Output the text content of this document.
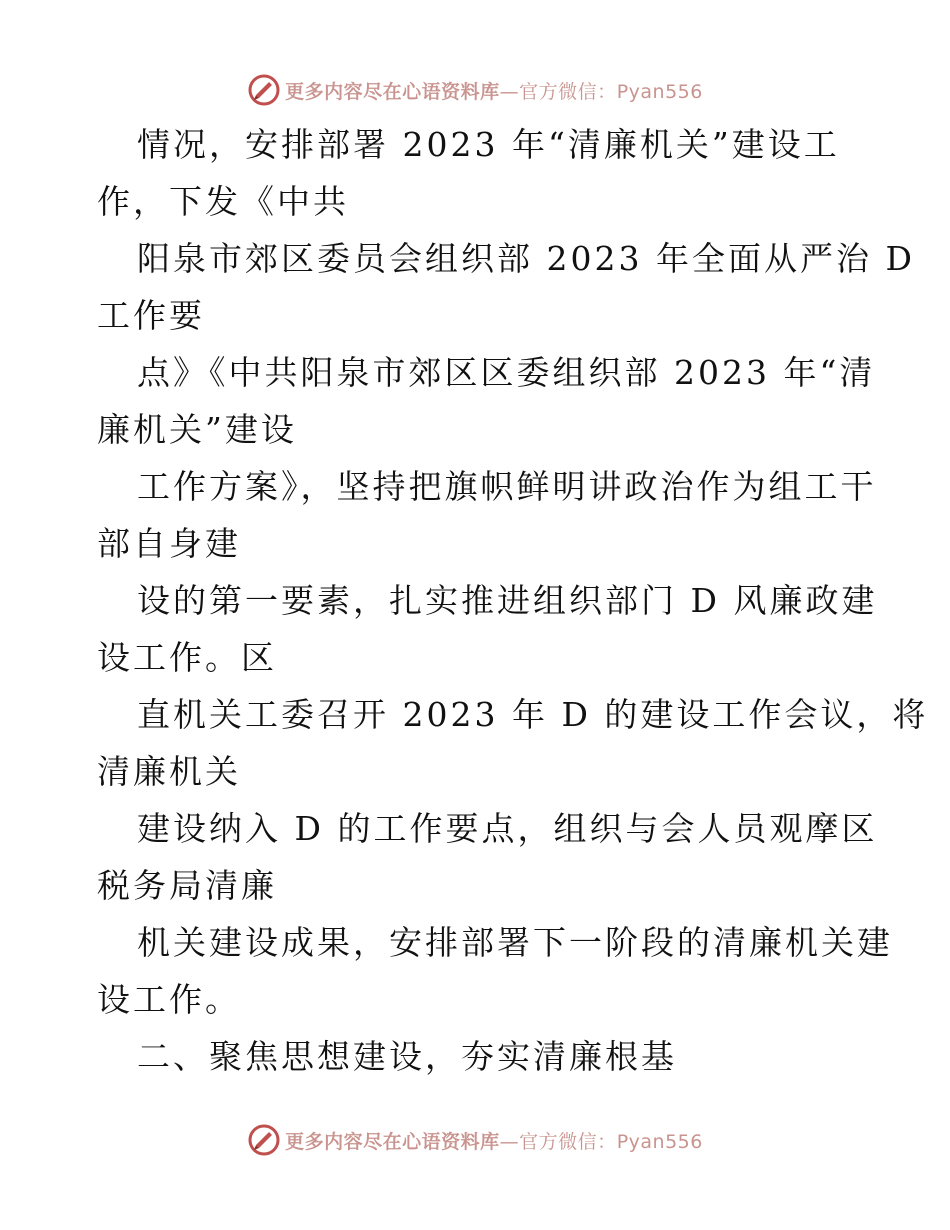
更多内容尽在心语资料库—官方微信：Pyan556

情况，安排部署 2023 年“清廉机关”建设工
作，下发《中共

阳泉市郊区委员会组织部 2023 年全面从严治 D
工作要

点》《中共阳泉市郊区区委组织部 2023 年“清
廉机关”建设

工作方案》，坚持把旗帜鲜明讲政治作为组工干
部自身建

设的第一要素，扎实推进组织部门 D 风廉政建
设工作。区

直机关工委召开 2023 年 D 的建设工作会议，将
清廉机关

建设纳入 D 的工作要点，组织与会人员观摩区
税务局清廉

机关建设成果，安排部署下一阶段的清廉机关建
设工作。

二、聚焦思想建设，夯实清廉根基

更多内容尽在心语资料库—官方微信：Pyan556
